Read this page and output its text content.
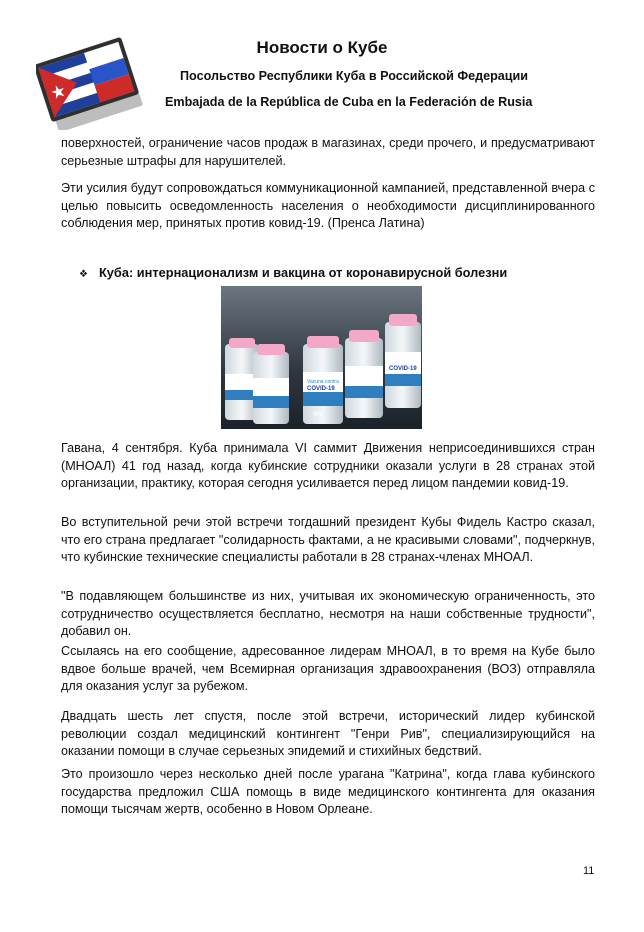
Новости о Кубе
Посольство Республики Куба в Российской Федерации
Embajada de la República de Cuba en la Federación de Rusia
поверхностей, ограничение часов продаж в магазинах, среди прочего, и предусматривают серьезные штрафы для нарушителей.
Эти усилия будут сопровождаться коммуникационной кампанией, представленной вчера с целью повысить осведомленность населения о необходимости дисциплинированного соблюдения мер, принятых против ковид-19. (Пренса Латина)
❖ Куба: интернационализм и вакцина от коронавирусной болезни
Vacuna contra
COVID-19
COVID-19
IBV
Гавана, 4 сентября. Куба принимала VI саммит Движения неприсоединившихся стран (МНОАЛ) 41 год назад, когда кубинские сотрудники оказали услуги в 28 странах этой организации, практику, которая сегодня усиливается перед лицом пандемии ковид-19.
Во вступительной речи этой встречи тогдашний президент Кубы Фидель Кастро сказал, что его страна предлагает "солидарность фактами, а не красивыми словами", подчеркнув, что кубинские технические специалисты работали в 28 странах-членах МНОАЛ.
"В подавляющем большинстве из них, учитывая их экономическую ограниченность, это сотрудничество осуществляется бесплатно, несмотря на наши собственные трудности", добавил он.
Ссылаясь на его сообщение, адресованное лидерам МНОАЛ, в то время на Кубе было вдвое больше врачей, чем Всемирная организация здравоохранения (ВОЗ) отправляла для оказания услуг за рубежом.
Двадцать шесть лет спустя, после этой встречи, исторический лидер кубинской революции создал медицинский контингент "Генри Рив", специализирующийся на оказании помощи в случае серьезных эпидемий и стихийных бедствий.
Это произошло через несколько дней после урагана "Катрина", когда глава кубинского государства предложил США помощь в виде медицинского контингента для оказания помощи тысячам жертв, особенно в Новом Орлеане.
11
